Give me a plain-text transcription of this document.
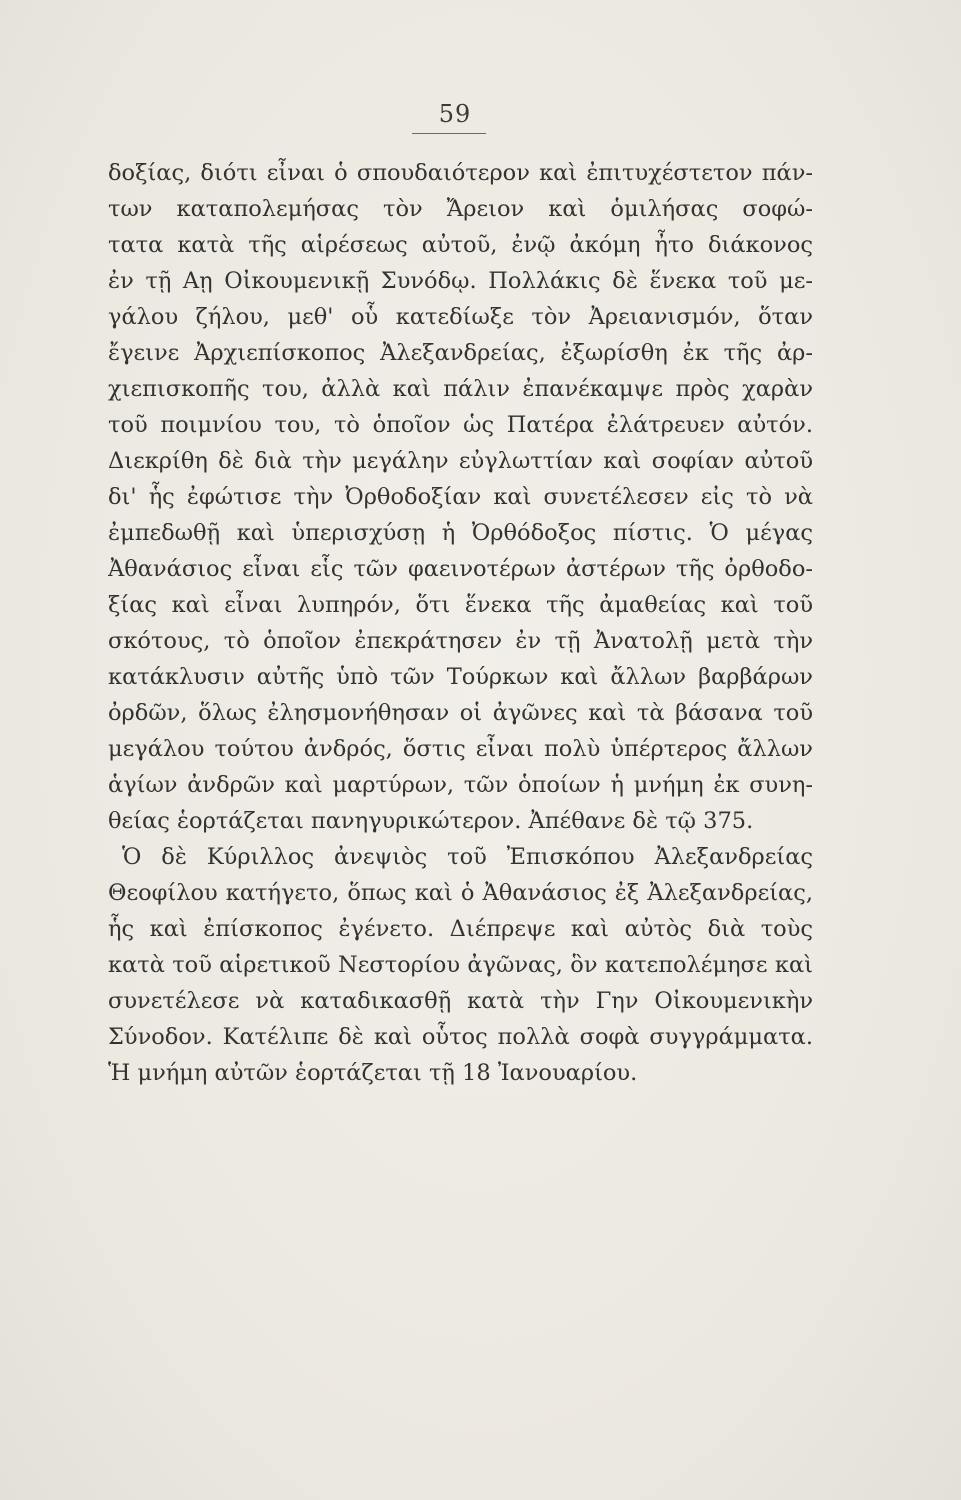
59
δοξίας, διότι εἶναι ὁ σπουδαιότερον καὶ ἐπιτυχέστετον πάν-
των καταπολεμήσας τὸν Ἄρειον καὶ ὁμιλήσας σοφώ-
τατα κατὰ τῆς αἱρέσεως αὐτοῦ, ἐνῷ ἀκόμη ἦτο διάκονος
ἐν τῇ Αῃ Οἰκουμενικῇ Συνόδῳ. Πολλάκις δὲ ἕνεκα τοῦ με-
γάλου ζήλου, μεθ' οὗ κατεδίωξε τὸν Ἀρειανισμόν, ὅταν
ἔγεινε Ἀρχιεπίσκοπος Ἀλεξανδρείας, ἐξωρίσθη ἐκ τῆς ἀρ-
χιεπισκοπῆς του, ἀλλὰ καὶ πάλιν ἐπανέκαμψε πρὸς χαρὰν
τοῦ ποιμνίου του, τὸ ὁποῖον ὡς Πατέρα ἐλάτρευεν αὐτόν.
Διεκρίθη δὲ διὰ τὴν μεγάλην εὐγλωττίαν καὶ σοφίαν αὐτοῦ
δι' ἧς ἐφώτισε τὴν Ὀρθοδοξίαν καὶ συνετέλεσεν εἰς τὸ νὰ
ἐμπεδωθῇ καὶ ὑπερισχύσῃ ἡ Ὀρθόδοξος πίστις. Ὁ μέγας
Ἀθανάσιος εἶναι εἷς τῶν φαεινοτέρων ἀστέρων τῆς ὀρθοδο-
ξίας καὶ εἶναι λυπηρόν, ὅτι ἕνεκα τῆς ἀμαθείας καὶ τοῦ
σκότους, τὸ ὁποῖον ἐπεκράτησεν ἐν τῇ Ἀνατολῇ μετὰ τὴν
κατάκλυσιν αὐτῆς ὑπὸ τῶν Τούρκων καὶ ἄλλων βαρβάρων
ὀρδῶν, ὅλως ἐλησμονήθησαν οἱ ἀγῶνες καὶ τὰ βάσανα τοῦ
μεγάλου τούτου ἀνδρός, ὅστις εἶναι πολὺ ὑπέρτερος ἄλλων
ἁγίων ἀνδρῶν καὶ μαρτύρων, τῶν ὁποίων ἡ μνήμη ἐκ συνη-
θείας ἑορτάζεται πανηγυρικώτερον. Ἀπέθανε δὲ τῷ 375.
Ὁ δὲ Κύριλλος ἀνεψιὸς τοῦ Ἐπισκόπου Ἀλεξανδρείας
Θεοφίλου κατήγετο, ὅπως καὶ ὁ Ἀθανάσιος ἐξ Ἀλεξανδρείας,
ἧς καὶ ἐπίσκοπος ἐγένετο. Διέπρεψε καὶ αὐτὸς διὰ τοὺς
κατὰ τοῦ αἱρετικοῦ Νεστορίου ἀγῶνας, ὃν κατεπολέμησε καὶ
συνετέλεσε νὰ καταδικασθῇ κατὰ τὴν Γην Οἰκουμενικὴν
Σύνοδον. Κατέλιπε δὲ καὶ οὗτος πολλὰ σοφὰ συγγράμματα.
Ἡ μνήμη αὐτῶν ἑορτάζεται τῇ 18 Ἰανουαρίου.
